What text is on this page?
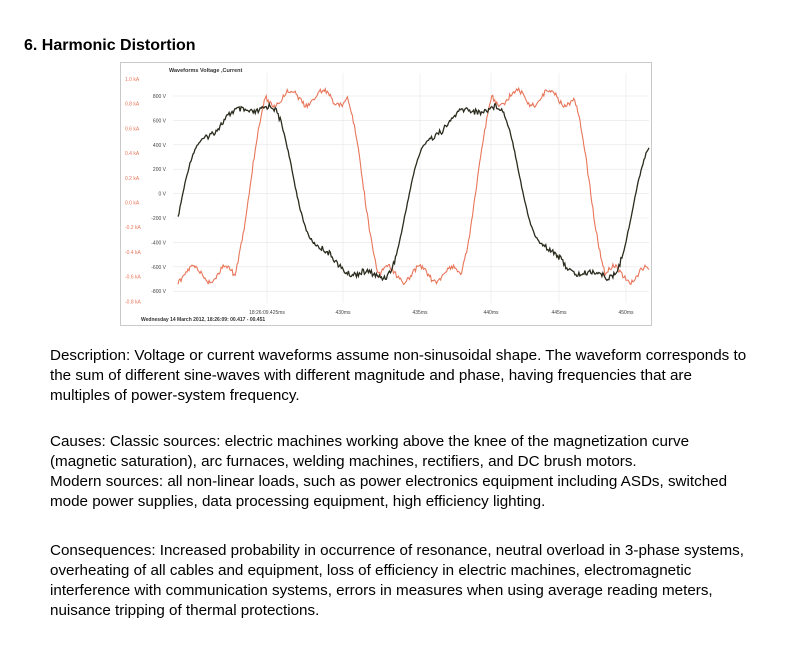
6. Harmonic Distortion
1.0 kA
0.8 kA
0.6 kA
0.4 kA
0.2 kA
0.0 kA
-0.2 kA
-0.4 kA
-0.6 kA
-0.8 kA
800 V
600 V
400 V
200 V
0 V
-200 V
-400 V
-600 V
-800 V
18:26:09.425ms	430ms	435ms	440ms	445ms	450ms
Waveforms Voltage ,Current
Wednesday 14 March 2012, 18:26:09: 00.417 - 00.451

Description: Voltage or current waveforms assume non-sinusoidal shape. The waveform corresponds to the sum of different sine-waves with different magnitude and phase, having frequencies that are multiples of power-system frequency.

Causes: Classic sources: electric machines working above the knee of the magnetization curve (magnetic saturation), arc furnaces, welding machines, rectifiers, and DC brush motors.
Modern sources: all non-linear loads, such as power electronics equipment including ASDs, switched mode power supplies, data processing equipment, high efficiency lighting.

Consequences: Increased probability in occurrence of resonance, neutral overload in 3-phase systems, overheating of all cables and equipment, loss of efficiency in electric machines, electromagnetic interference with communication systems, errors in measures when using average reading meters, nuisance tripping of thermal protections.
